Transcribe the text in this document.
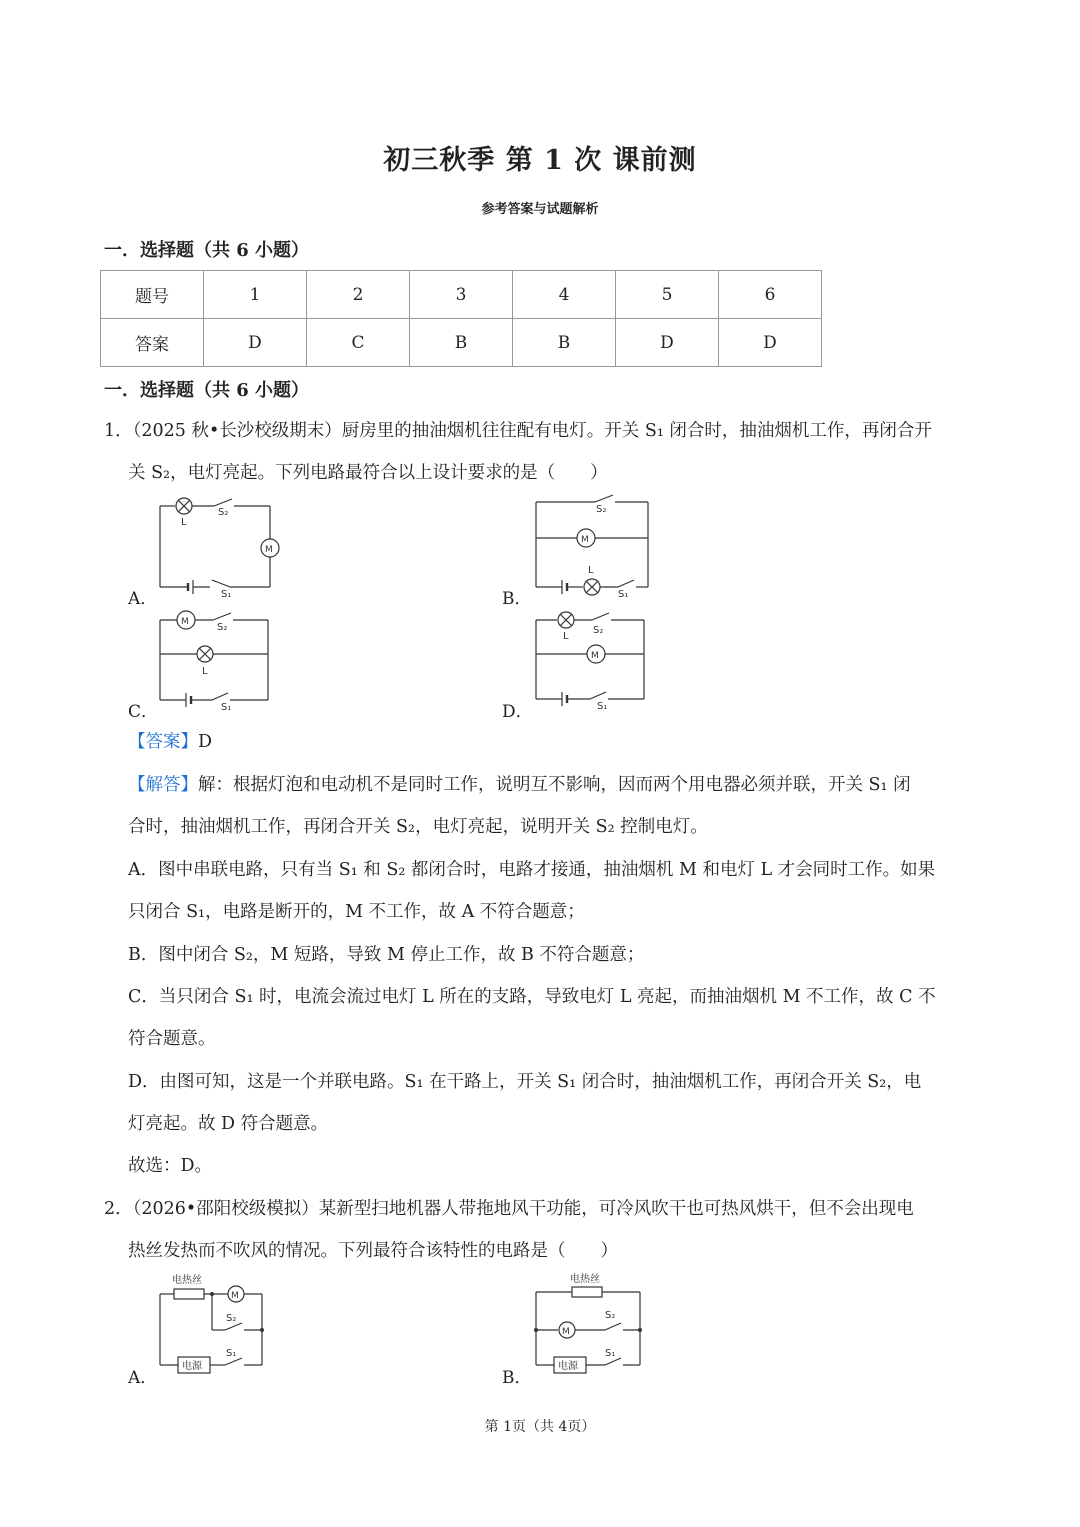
初三秋季 第 1 次 课前测
参考答案与试题解析
一．选择题（共 6 小题）
题号	1	2	3	4	5	6
答案	D	C	B	B	D	D
一．选择题（共 6 小题）
1．（2025 秋•长沙校级期末）厨房里的抽油烟机往往配有电灯。开关 S₁ 闭合时，抽油烟机工作，再闭合开
关 S₂，电灯亮起。下列电路最符合以上设计要求的是（　　）
L
S₂
M
S₁
S₂
M
L
S₁
M	S₂
L
S₁
L
S₂
M
S₁
A．	B．
C．	D．
【答案】D
【解答】解：根据灯泡和电动机不是同时工作，说明互不影响，因而两个用电器必须并联，开关 S₁ 闭
合时，抽油烟机工作，再闭合开关 S₂，电灯亮起，说明开关 S₂ 控制电灯。
A．图中串联电路，只有当 S₁ 和 S₂ 都闭合时，电路才接通，抽油烟机 M 和电灯 L 才会同时工作。如果
只闭合 S₁，电路是断开的，M 不工作，故 A 不符合题意；
B．图中闭合 S₂，M 短路，导致 M 停止工作，故 B 不符合题意；
C．当只闭合 S₁ 时，电流会流过电灯 L 所在的支路，导致电灯 L 亮起，而抽油烟机 M 不工作，故 C 不
符合题意。
D．由图可知，这是一个并联电路。S₁ 在干路上，开关 S₁ 闭合时，抽油烟机工作，再闭合开关 S₂，电
灯亮起。故 D 符合题意。
故选：D。
2．（2026•邵阳校级模拟）某新型扫地机器人带拖地风干功能，可冷风吹干也可热风烘干，但不会出现电
热丝发热而不吹风的情况。下列最符合该特性的电路是（　　）
电热丝
M
S₂
S₁
电源
电热丝
M
S₂
S₁
电源
A．	B．
第 1页（共 4页）
